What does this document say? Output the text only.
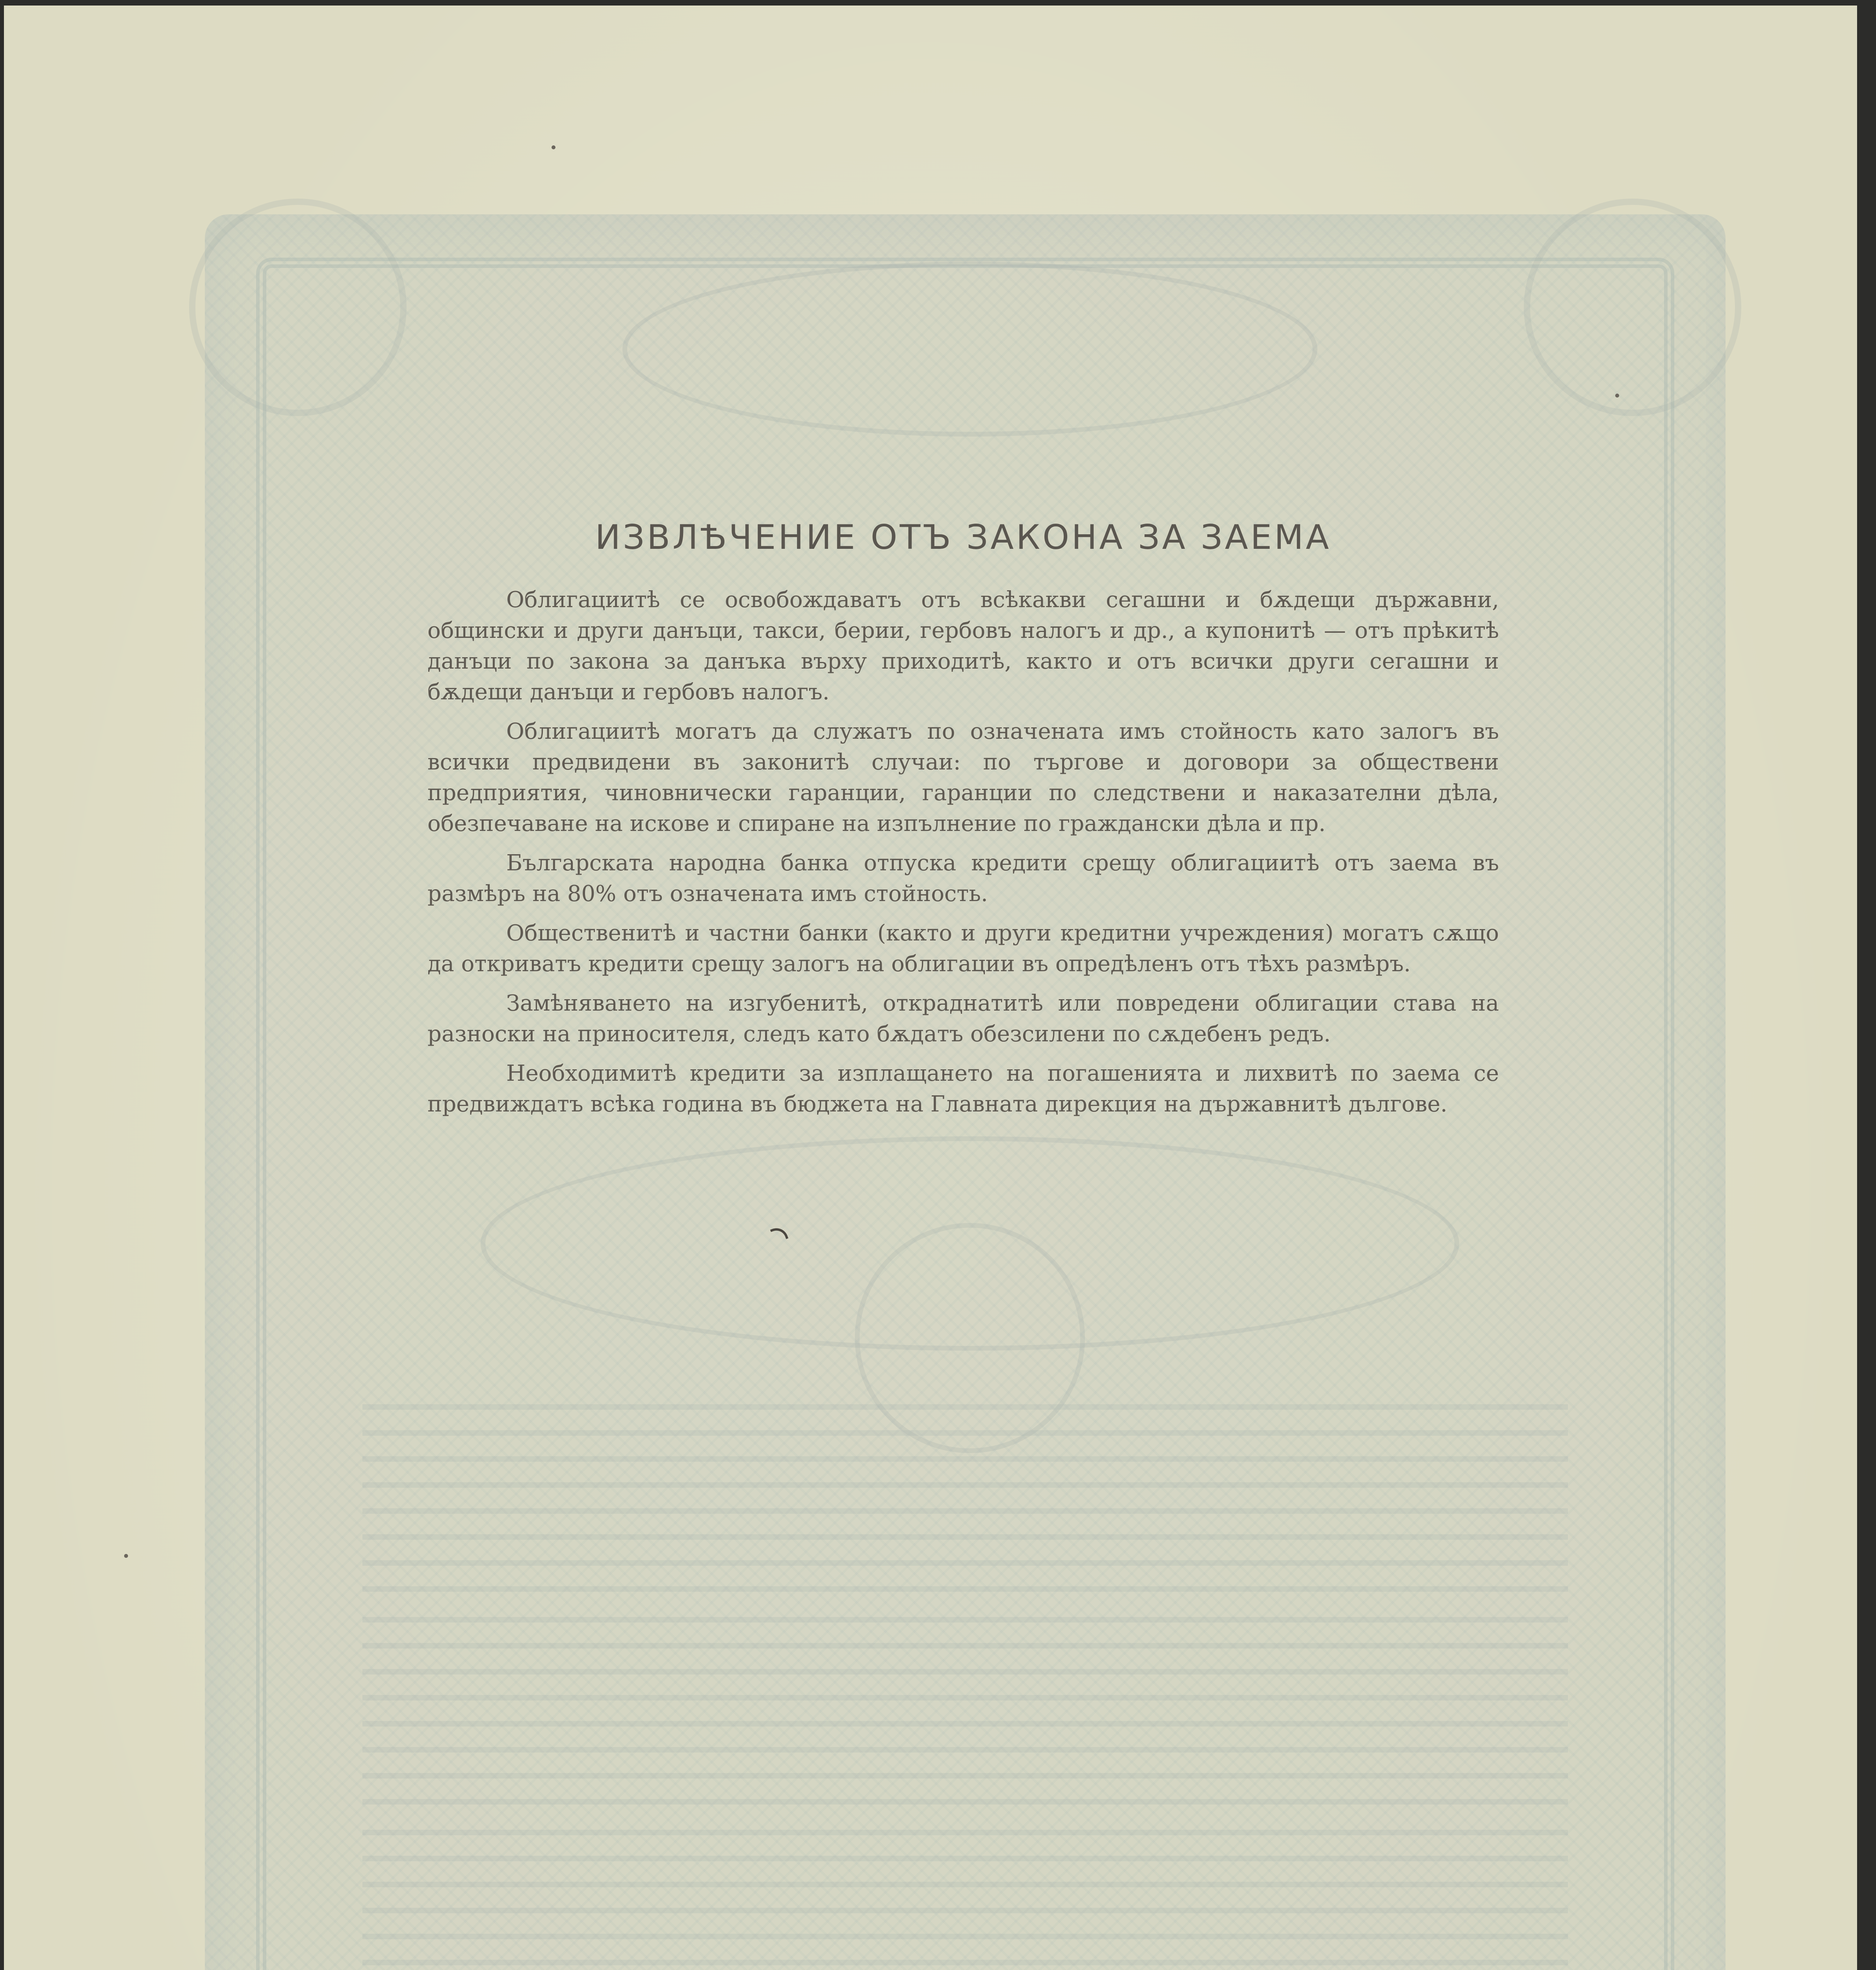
ИЗВЛѢЧЕНИЕ ОТЪ ЗАКОНА ЗА ЗАЕМА

Облигациитѣ се освобождаватъ отъ всѣкакви сегашни и бѫдещи държавни, общински и други данъци, такси, берии, гербовъ налогъ и др., а купонитѣ — отъ прѣкитѣ данъци по закона за данъка върху приходитѣ, както и отъ всички други сегашни и бѫдещи данъци и гербовъ налогъ.

Облигациитѣ могатъ да служатъ по означената имъ стойность като залогъ въ всички предвидени въ законитѣ случаи: по търгове и договори за обществени предприятия, чиновнически гаранции, гаранции по следствени и наказателни дѣла, обезпечаване на искове и спиране на изпълнение по граждански дѣла и пр.

Българската народна банка отпуска кредити срещу облигациитѣ отъ заема въ размѣръ на 80% отъ означената имъ стойность.

Общественитѣ и частни банки (както и други кредитни учреждения) могатъ сѫщо да откриватъ кредити срещу залогъ на облигации въ опредѣленъ отъ тѣхъ размѣръ.

Замѣняването на изгубенитѣ, откраднатитѣ или повредени облигации става на разноски на приносителя, следъ като бѫдатъ обезсилени по сѫдебенъ редъ.

Необходимитѣ кредити за изплащането на погашенията и лихвитѣ по заема се предвиждатъ всѣка година въ бюджета на Главната дирекция на държавнитѣ дългове.
